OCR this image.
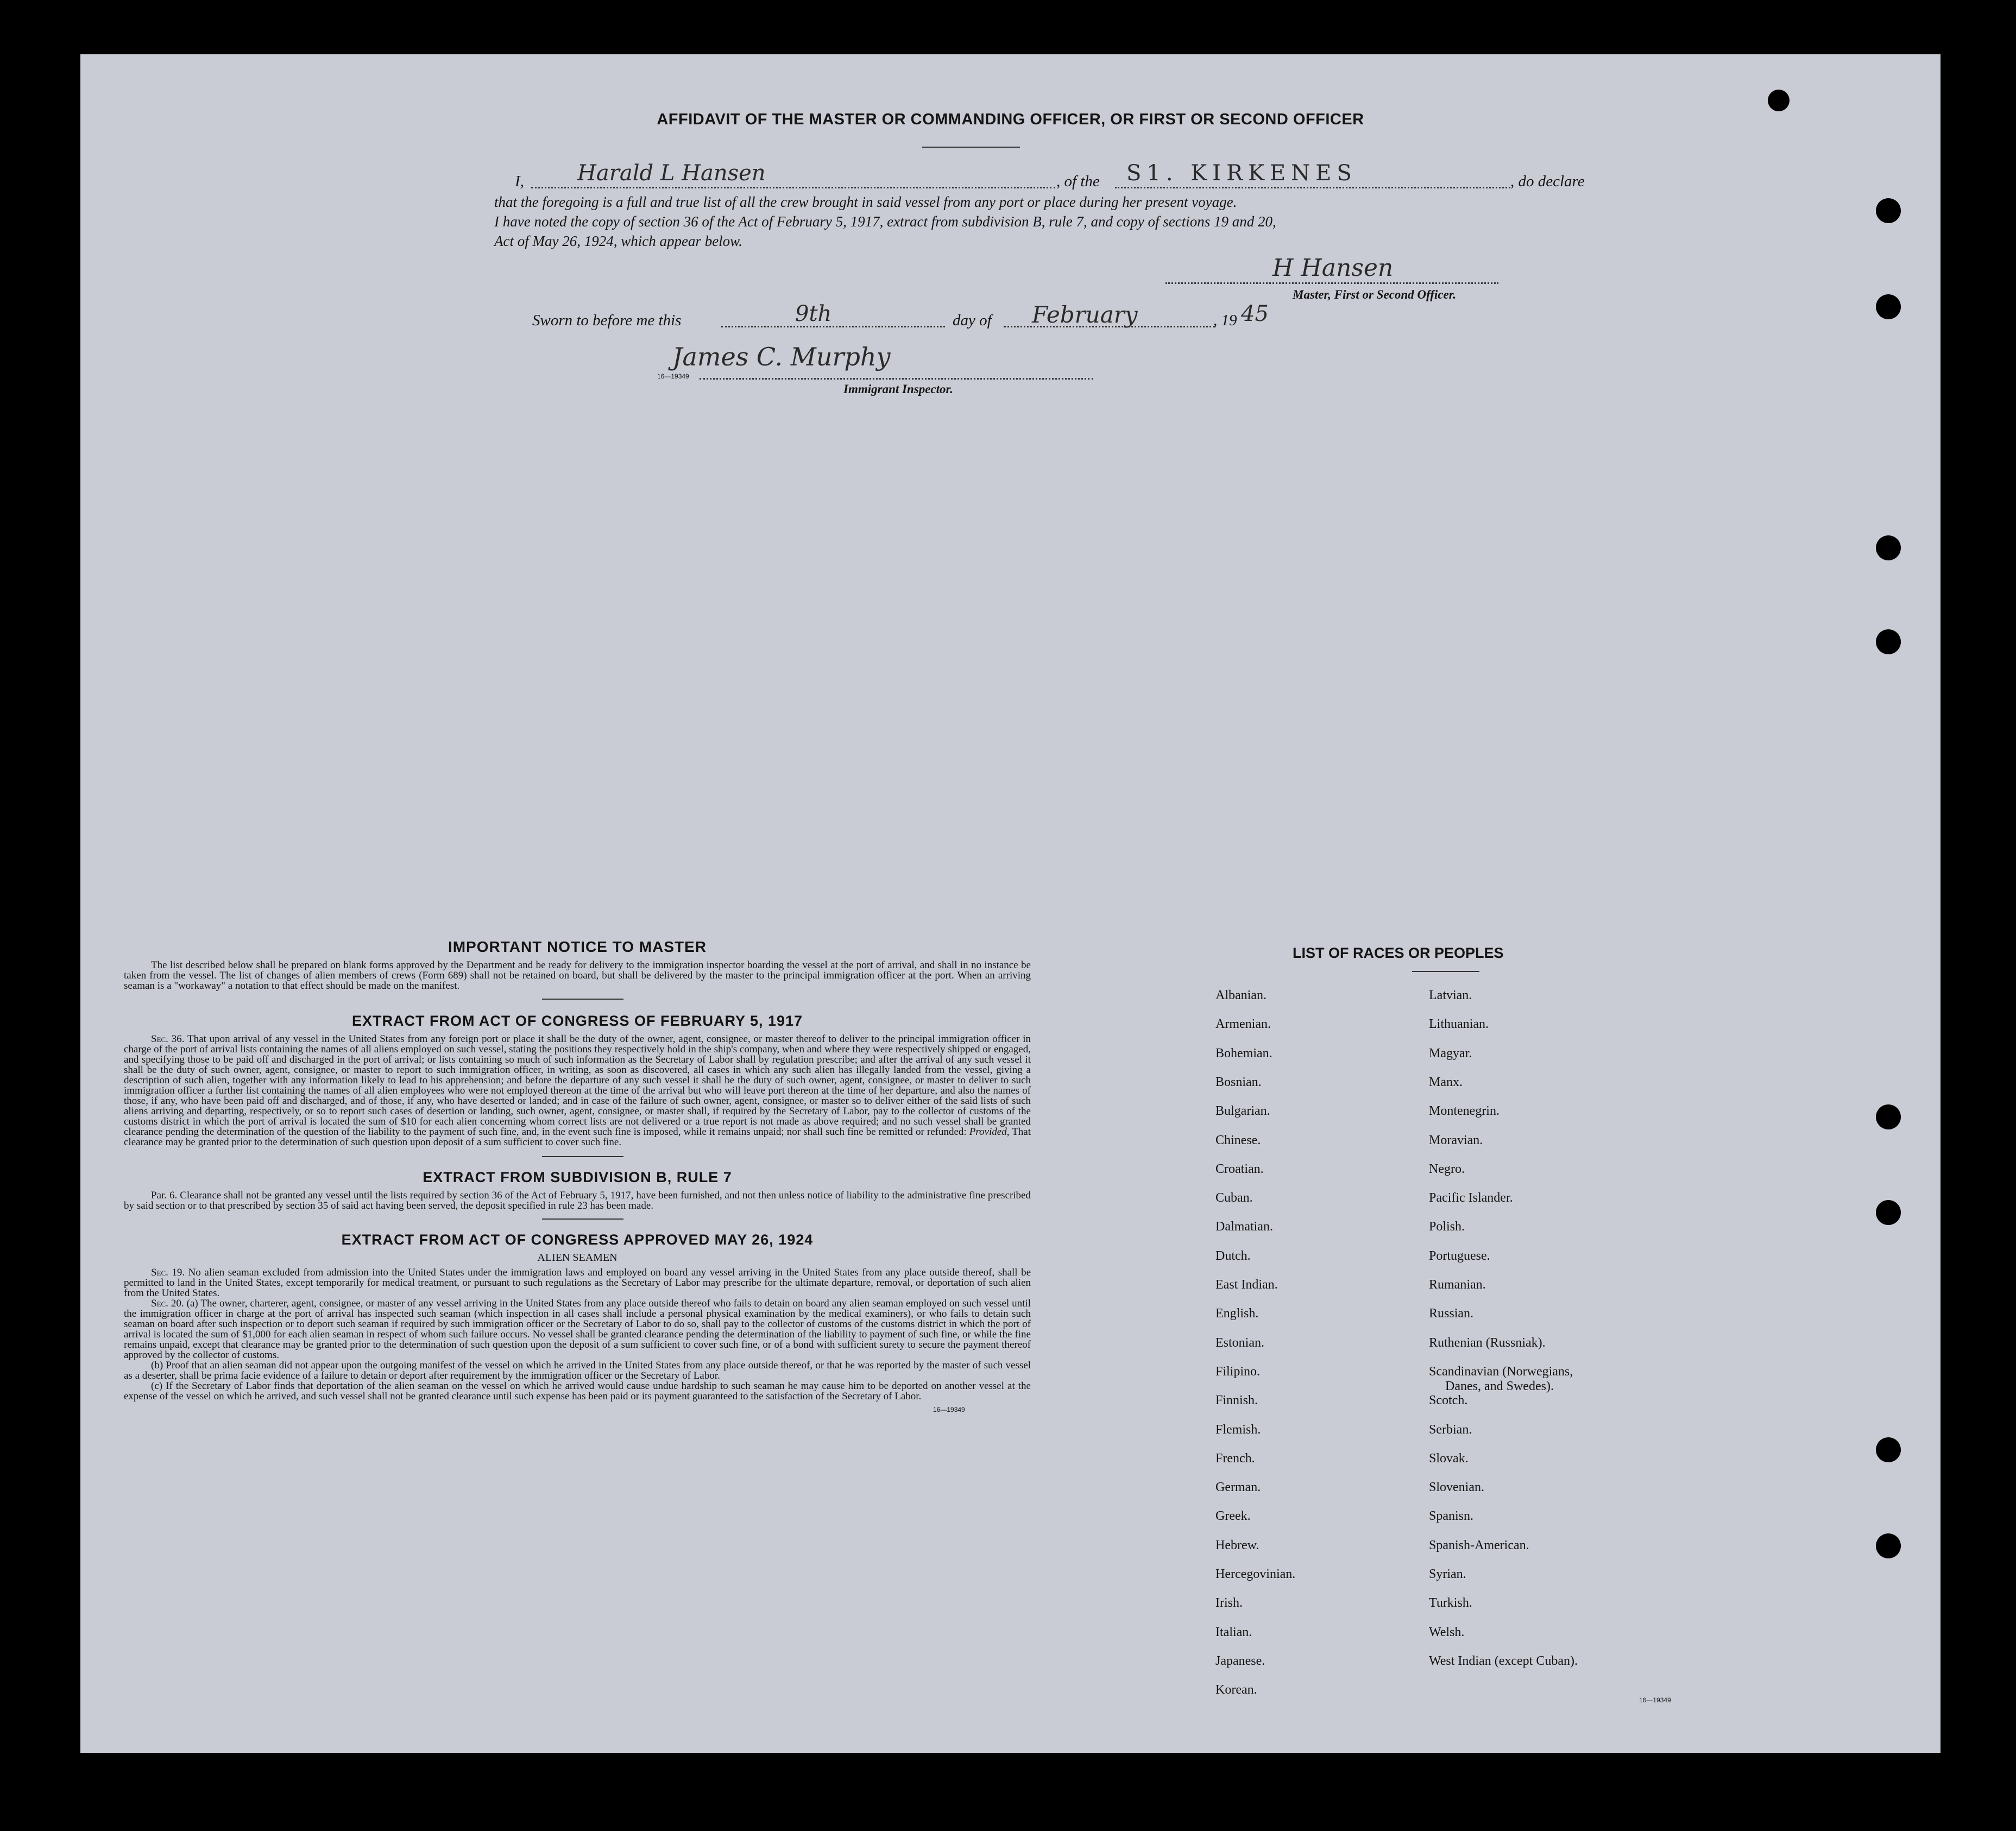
AFFIDAVIT OF THE MASTER OR COMMANDING OFFICER, OR FIRST OR SECOND OFFICER
I, Harald L Hansen	, of the S1. KIRKENES	, do declare
that the foregoing is a full and true list of all the crew brought in said vessel from any port or place during her present voyage.
I have noted the copy of section 36 of the Act of February 5, 1917, extract from subdivision B, rule 7, and copy of sections 19 and 20,
Act of May 26, 1924, which appear below.
H Hansen
Master, First or Second Officer.
Sworn to before me this	9th	day of February	, 19 45
James C. Murphy
16—19349
Immigrant Inspector.
IMPORTANT NOTICE TO MASTER

The list described below shall be prepared on blank forms approved by the Department and be ready for delivery to the immigration inspector boarding the vessel at the port of arrival, and shall in no instance be taken from the vessel. The list of changes of alien members of crews (Form 689) shall not be retained on board, but shall be delivered by the master to the principal immigration officer at the port. When an arriving seaman is a "workaway" a notation to that effect should be made on the manifest.

EXTRACT FROM ACT OF CONGRESS OF FEBRUARY 5, 1917

Sec. 36. That upon arrival of any vessel in the United States from any foreign port or place it shall be the duty of the owner, agent, consignee, or master thereof to deliver to the principal immigration officer in charge of the port of arrival lists containing the names of all aliens employed on such vessel, stating the positions they respectively hold in the ship's company, when and where they were respectively shipped or engaged, and specifying those to be paid off and discharged in the port of arrival; or lists containing so much of such information as the Secretary of Labor shall by regulation prescribe; and after the arrival of any such vessel it shall be the duty of such owner, agent, consignee, or master to report to such immigration officer, in writing, as soon as discovered, all cases in which any such alien has illegally landed from the vessel, giving a description of such alien, together with any information likely to lead to his apprehension; and before the departure of any such vessel it shall be the duty of such owner, agent, consignee, or master to deliver to such immigration officer a further list containing the names of all alien employees who were not employed thereon at the time of the arrival but who will leave port thereon at the time of her departure, and also the names of those, if any, who have been paid off and discharged, and of those, if any, who have deserted or landed; and in case of the failure of such owner, agent, consignee, or master so to deliver either of the said lists of such aliens arriving and departing, respectively, or so to report such cases of desertion or landing, such owner, agent, consignee, or master shall, if required by the Secretary of Labor, pay to the collector of customs of the customs district in which the port of arrival is located the sum of $10 for each alien concerning whom correct lists are not delivered or a true report is not made as above required; and no such vessel shall be granted clearance pending the determination of the question of the liability to the payment of such fine, and, in the event such fine is imposed, while it remains unpaid; nor shall such fine be remitted or refunded: Provided, That clearance may be granted prior to the determination of such question upon deposit of a sum sufficient to cover such fine.

EXTRACT FROM SUBDIVISION B, RULE 7

Par. 6. Clearance shall not be granted any vessel until the lists required by section 36 of the Act of February 5, 1917, have been furnished, and not then unless notice of liability to the administrative fine prescribed by said section or to that prescribed by section 35 of said act having been served, the deposit specified in rule 23 has been made.

EXTRACT FROM ACT OF CONGRESS APPROVED MAY 26, 1924
ALIEN SEAMEN

Sec. 19. No alien seaman excluded from admission into the United States under the immigration laws and employed on board any vessel arriving in the United States from any place outside thereof, shall be permitted to land in the United States, except temporarily for medical treatment, or pursuant to such regulations as the Secretary of Labor may prescribe for the ultimate departure, removal, or deportation of such alien from the United States.

Sec. 20. (a) The owner, charterer, agent, consignee, or master of any vessel arriving in the United States from any place outside thereof who fails to detain on board any alien seaman employed on such vessel until the immigration officer in charge at the port of arrival has inspected such seaman (which inspection in all cases shall include a personal physical examination by the medical examiners), or who fails to detain such seaman on board after such inspection or to deport such seaman if required by such immigration officer or the Secretary of Labor to do so, shall pay to the collector of customs of the customs district in which the port of arrival is located the sum of $1,000 for each alien seaman in respect of whom such failure occurs. No vessel shall be granted clearance pending the determination of the liability to payment of such fine, or while the fine remains unpaid, except that clearance may be granted prior to the determination of such question upon the deposit of a sum sufficient to cover such fine, or of a bond with sufficient surety to secure the payment thereof approved by the collector of customs.

(b) Proof that an alien seaman did not appear upon the outgoing manifest of the vessel on which he arrived in the United States from any place outside thereof, or that he was reported by the master of such vessel as a deserter, shall be prima facie evidence of a failure to detain or deport after requirement by the immigration officer or the Secretary of Labor.

(c) If the Secretary of Labor finds that deportation of the alien seaman on the vessel on which he arrived would cause undue hardship to such seaman he may cause him to be deported on another vessel at the expense of the vessel on which he arrived, and such vessel shall not be granted clearance until such expense has been paid or its payment guaranteed to the satisfaction of the Secretary of Labor.

16—19349
LIST OF RACES OR PEOPLES
16—19349
Albanian.
Armenian.
Bohemian.
Bosnian.
Bulgarian.
Chinese.
Croatian.
Cuban.
Dalmatian.
Dutch.
East Indian.
English.
Estonian.
Filipino.
Finnish.
Flemish.
French.
German.
Greek.
Hebrew.
Hercegovinian.
Irish.
Italian.
Japanese.
Korean.
Latvian.
Lithuanian.
Magyar.
Manx.
Montenegrin.
Moravian.
Negro.
Pacific Islander.
Polish.
Portuguese.
Rumanian.
Russian.
Ruthenian (Russniak).
Scandinavian (Norwegians,
Danes, and Swedes).
Scotch.
Serbian.
Slovak.
Slovenian.
Spanisn.
Spanish-American.
Syrian.
Turkish.
Welsh.
West Indian (except Cuban).
